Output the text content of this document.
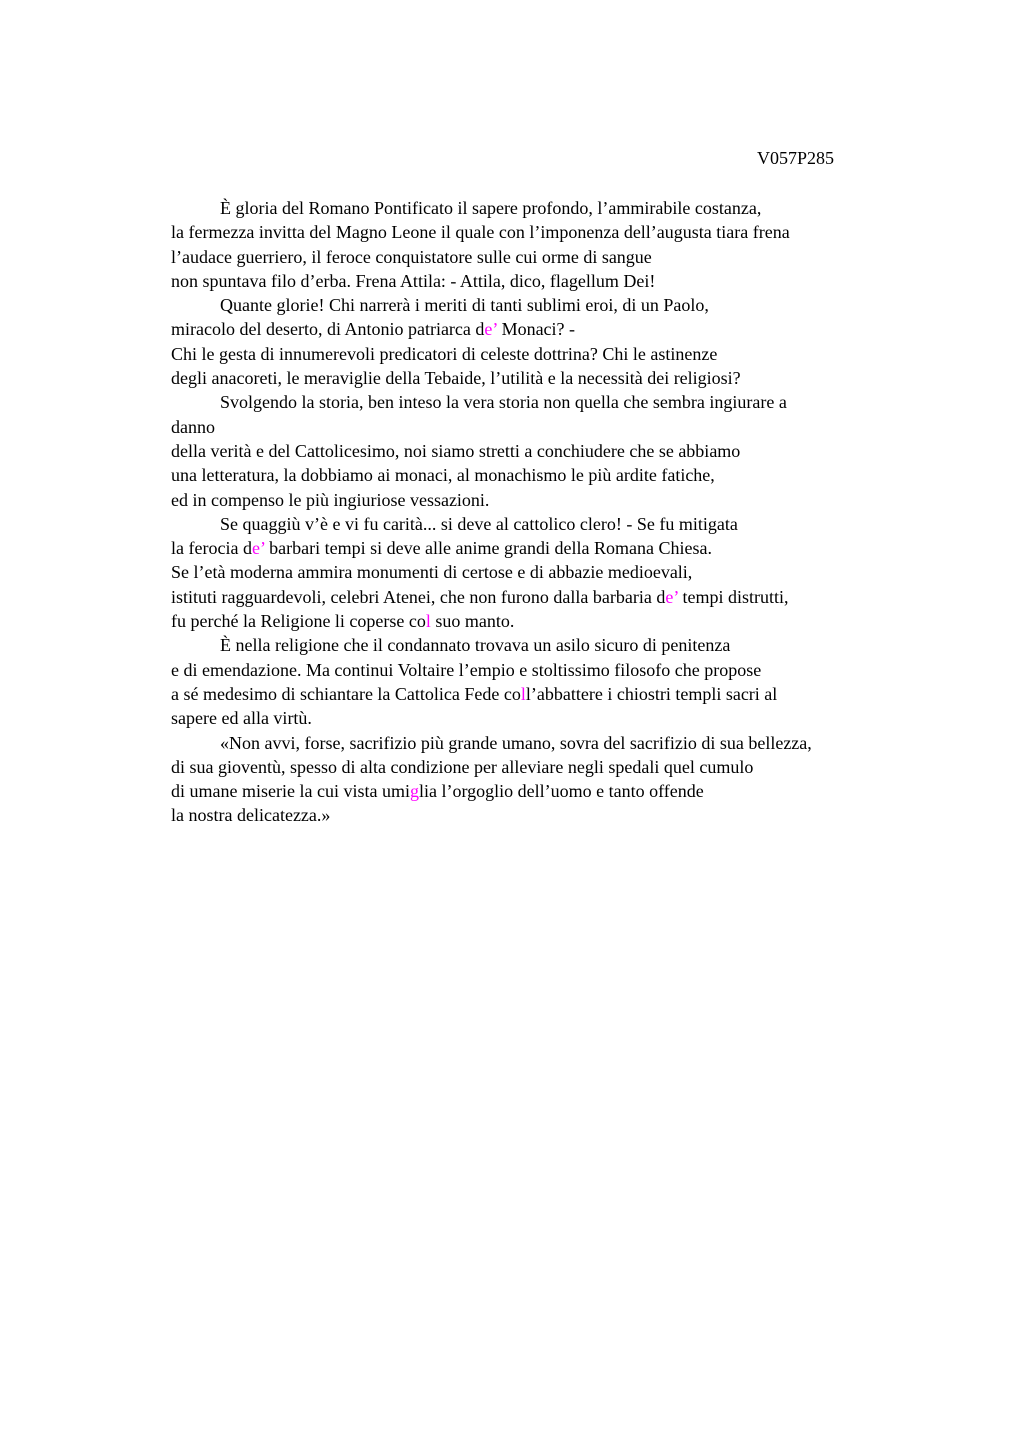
V057P285
È gloria del Romano Pontificato il sapere profondo, l’ammirabile costanza,
la fermezza invitta del Magno Leone il quale con l’imponenza dell’augusta tiara frena
l’audace guerriero, il feroce conquistatore sulle cui orme di sangue
non spuntava filo d’erba. Frena Attila: - Attila, dico, flagellum Dei!
Quante glorie! Chi narrerà i meriti di tanti sublimi eroi, di un Paolo,
miracolo del deserto, di Antonio patriarca de’ Monaci? -
Chi le gesta di innumerevoli predicatori di celeste dottrina? Chi le astinenze
degli anacoreti, le meraviglie della Tebaide, l’utilità e la necessità dei religiosi?
Svolgendo la storia, ben inteso la vera storia non quella che sembra ingiurare a
danno
della verità e del Cattolicesimo, noi siamo stretti a conchiudere che se abbiamo
una letteratura, la dobbiamo ai monaci, al monachismo le più ardite fatiche,
ed in compenso le più ingiuriose vessazioni.
Se quaggiù v’è e vi fu carità... si deve al cattolico clero! - Se fu mitigata
la ferocia de’ barbari tempi si deve alle anime grandi della Romana Chiesa.
Se l’età moderna ammira monumenti di certose e di abbazie medioevali,
istituti ragguardevoli, celebri Atenei, che non furono dalla barbaria de’ tempi distrutti,
fu perché la Religione li coperse col suo manto.
È nella religione che il condannato trovava un asilo sicuro di penitenza
e di emendazione. Ma continui Voltaire l’empio e stoltissimo filosofo che propose
a sé medesimo di schiantare la Cattolica Fede coll’abbattere i chiostri templi sacri al
sapere ed alla virtù.
«Non avvi, forse, sacrifizio più grande umano, sovra del sacrifizio di sua bellezza,
di sua gioventù, spesso di alta condizione per alleviare negli spedali quel cumulo
di umane miserie la cui vista umiglia l’orgoglio dell’uomo e tanto offende
la nostra delicatezza.»
